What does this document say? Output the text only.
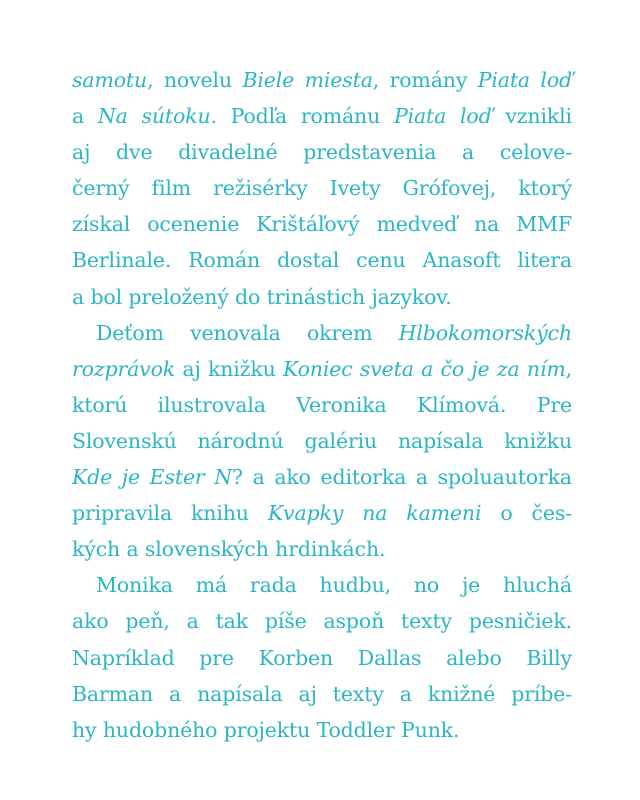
samotu, novelu Biele miesta, romány Piata loď
a Na sútoku. Podľa románu Piata loď vznikli
aj dve divadelné predstavenia a celove-
černý film režisérky Ivety Grófovej, ktorý
získal ocenenie Krištáľový medveď na MMF
Berlinale. Román dostal cenu Anasoft litera
a bol preložený do trinástich jazykov.
Deťom venovala okrem Hlbokomorských
rozprávok aj knižku Koniec sveta a čo je za ním,
ktorú ilustrovala Veronika Klímová. Pre
Slovenskú národnú galériu napísala knižku
Kde je Ester N? a ako editorka a spoluautorka
pripravila knihu Kvapky na kameni o čes-
kých a slovenských hrdinkách.
Monika má rada hudbu, no je hluchá
ako peň, a tak píše aspoň texty pesničiek.
Napríklad pre Korben Dallas alebo Billy
Barman a napísala aj texty a knižné príbe-
hy hudobného projektu Toddler Punk.
